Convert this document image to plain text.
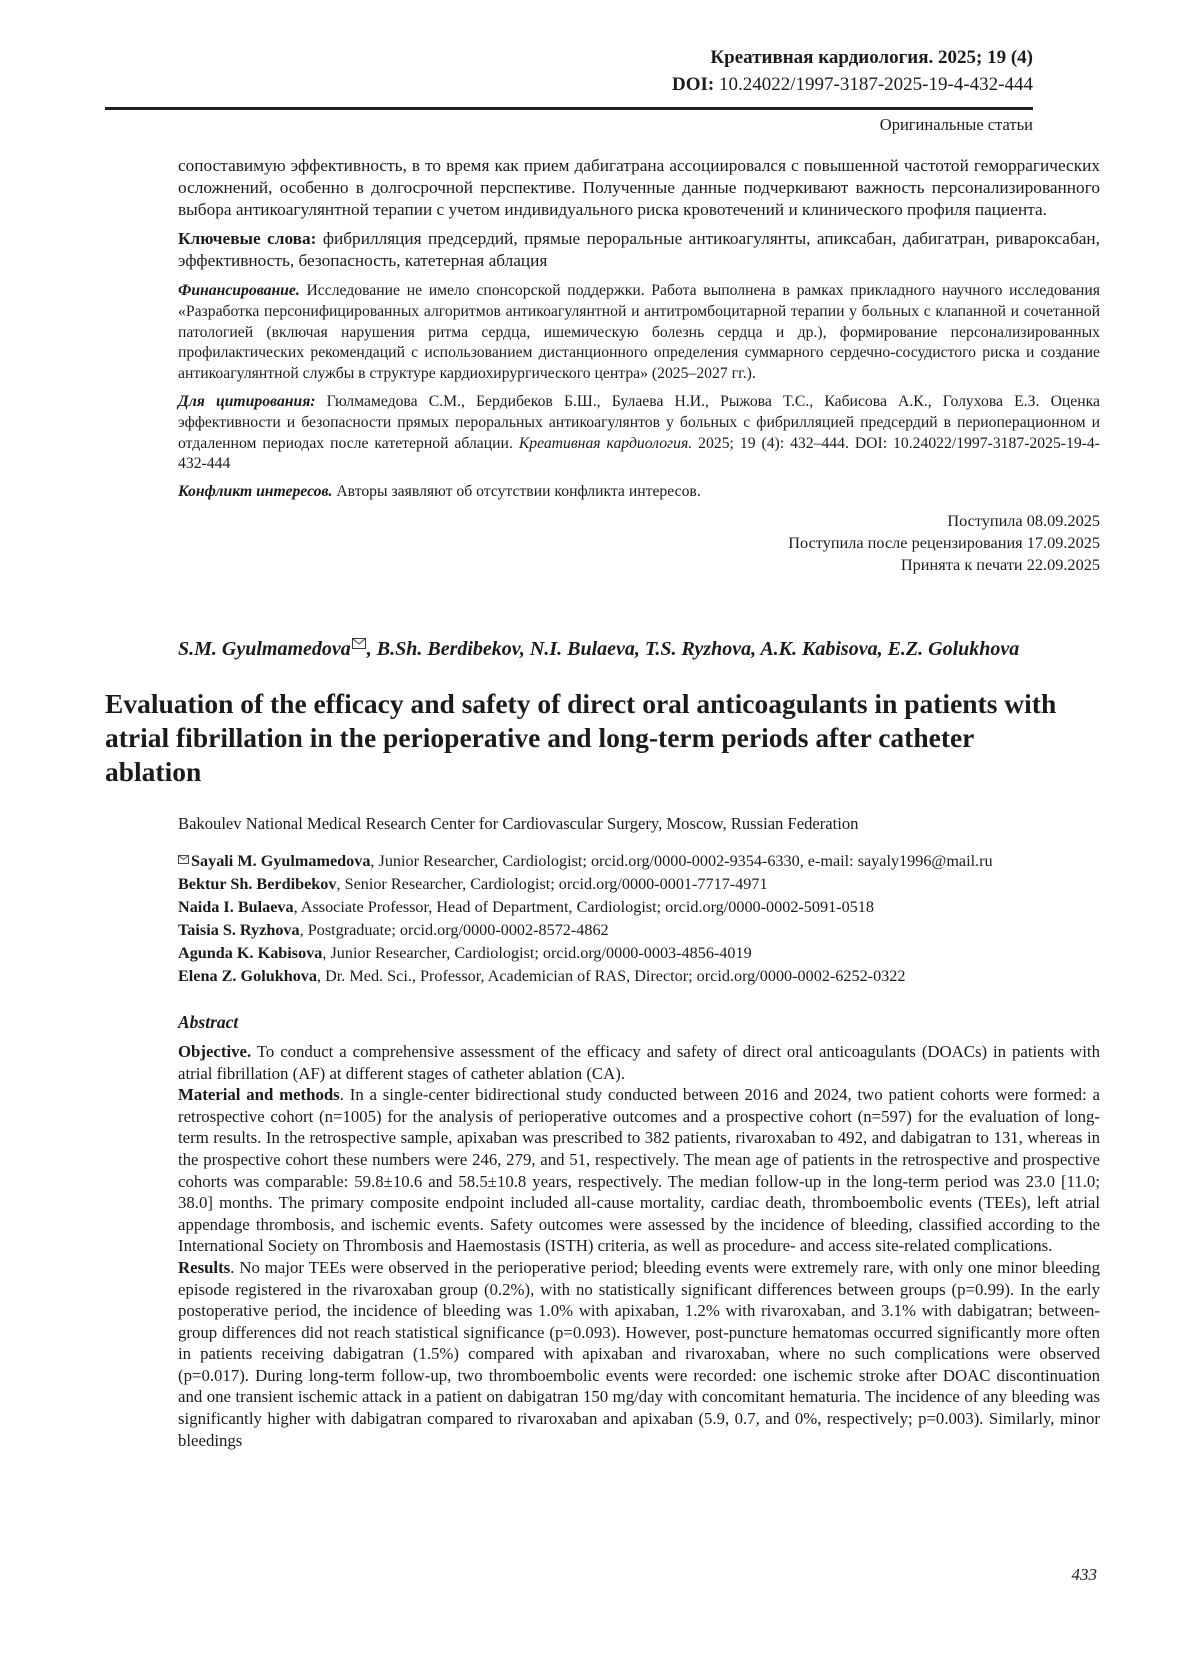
Креативная кардиология. 2025; 19 (4)
DOI: 10.24022/1997-3187-2025-19-4-432-444
Оригинальные статьи

сопоставимую эффективность, в то время как прием дабигатрана ассоциировался с повышенной частотой геморрагических осложнений, особенно в долгосрочной перспективе. Полученные данные подчеркивают важность персонализированного выбора антикоагулянтной терапии с учетом индивидуального риска кровотечений и клинического профиля пациента.

Ключевые слова: фибрилляция предсердий, прямые пероральные антикоагулянты, апиксабан, дабигатран, ривароксабан, эффективность, безопасность, катетерная аблация

Финансирование. Исследование не имело спонсорской поддержки. Работа выполнена в рамках прикладного научного исследования «Разработка персонифицированных алгоритмов антикоагулянтной и антитромбоцитарной терапии у больных с клапанной и сочетанной патологией (включая нарушения ритма сердца, ишемическую болезнь сердца и др.), формирование персонализированных профилактических рекомендаций с использованием дистанционного определения суммарного сердечно-сосудистого риска и создание антикоагулянтной службы в структуре кардиохирургического центра» (2025–2027 гг.).

Для цитирования: Гюлмамедова С.М., Бердибеков Б.Ш., Булаева Н.И., Рыжова Т.С., Кабисова А.К., Голухова Е.З. Оценка эффективности и безопасности прямых пероральных антикоагулянтов у больных с фибрилляцией предсердий в периоперационном и отдаленном периодах после катетерной аблации. Креативная кардиология. 2025; 19 (4): 432–444. DOI: 10.24022/1997-3187-2025-19-4-432-444

Конфликт интересов. Авторы заявляют об отсутствии конфликта интересов.

Поступила 08.09.2025
Поступила после рецензирования 17.09.2025
Принята к печати 22.09.2025
S.M. Gyulmamedova , B.Sh. Berdibekov, N.I. Bulaeva, T.S. Ryzhova, A.K. Kabisova, E.Z. Golukhova
Evaluation of the efficacy and safety of direct oral anticoagulants in patients with atrial fibrillation in the perioperative and long-term periods after catheter ablation
Bakoulev National Medical Research Center for Cardiovascular Surgery, Moscow, Russian Federation
Sayali M. Gyulmamedova, Junior Researcher, Cardiologist; orcid.org/0000-0002-9354-6330, e-mail: sayaly1996@mail.ru
Bektur Sh. Berdibekov, Senior Researcher, Cardiologist; orcid.org/0000-0001-7717-4971
Naida I. Bulaeva, Associate Professor, Head of Department, Cardiologist; orcid.org/0000-0002-5091-0518
Taisia S. Ryzhova, Postgraduate; orcid.org/0000-0002-8572-4862
Agunda K. Kabisova, Junior Researcher, Cardiologist; orcid.org/0000-0003-4856-4019
Elena Z. Golukhova, Dr. Med. Sci., Professor, Academician of RAS, Director; orcid.org/0000-0002-6252-0322
Abstract

Objective. To conduct a comprehensive assessment of the efficacy and safety of direct oral anticoagulants (DOACs) in patients with atrial fibrillation (AF) at different stages of catheter ablation (CA).

Material and methods. In a single-center bidirectional study conducted between 2016 and 2024, two patient cohorts were formed: a retrospective cohort (n=1005) for the analysis of perioperative outcomes and a prospective cohort (n=597) for the evaluation of long-term results. In the retrospective sample, apixaban was prescribed to 382 patients, rivaroxaban to 492, and dabigatran to 131, whereas in the prospective cohort these numbers were 246, 279, and 51, respectively. The mean age of patients in the retrospective and prospective cohorts was comparable: 59.8±10.6 and 58.5±10.8 years, respectively. The median follow-up in the long-term period was 23.0 [11.0; 38.0] months. The primary composite endpoint included all-cause mortality, cardiac death, thromboembolic events (TEEs), left atrial appendage thrombosis, and ischemic events. Safety outcomes were assessed by the incidence of bleeding, classified according to the International Society on Thrombosis and Haemostasis (ISTH) criteria, as well as procedure- and access site-related complications.

Results. No major TEEs were observed in the perioperative period; bleeding events were extremely rare, with only one minor bleeding episode registered in the rivaroxaban group (0.2%), with no statistically significant differences between groups (p=0.99). In the early postoperative period, the incidence of bleeding was 1.0% with apixaban, 1.2% with rivaroxaban, and 3.1% with dabigatran; between-group differences did not reach statistical significance (p=0.093). However, post-puncture hematomas occurred significantly more often in patients receiving dabigatran (1.5%) compared with apixaban and rivaroxaban, where no such complications were observed (p=0.017). During long-term follow-up, two thromboembolic events were recorded: one ischemic stroke after DOAC discontinuation and one transient ischemic attack in a patient on dabigatran 150 mg/day with concomitant hematuria. The incidence of any bleeding was significantly higher with dabigatran compared to rivaroxaban and apixaban (5.9, 0.7, and 0%, respectively; p=0.003). Similarly, minor bleedings

433
